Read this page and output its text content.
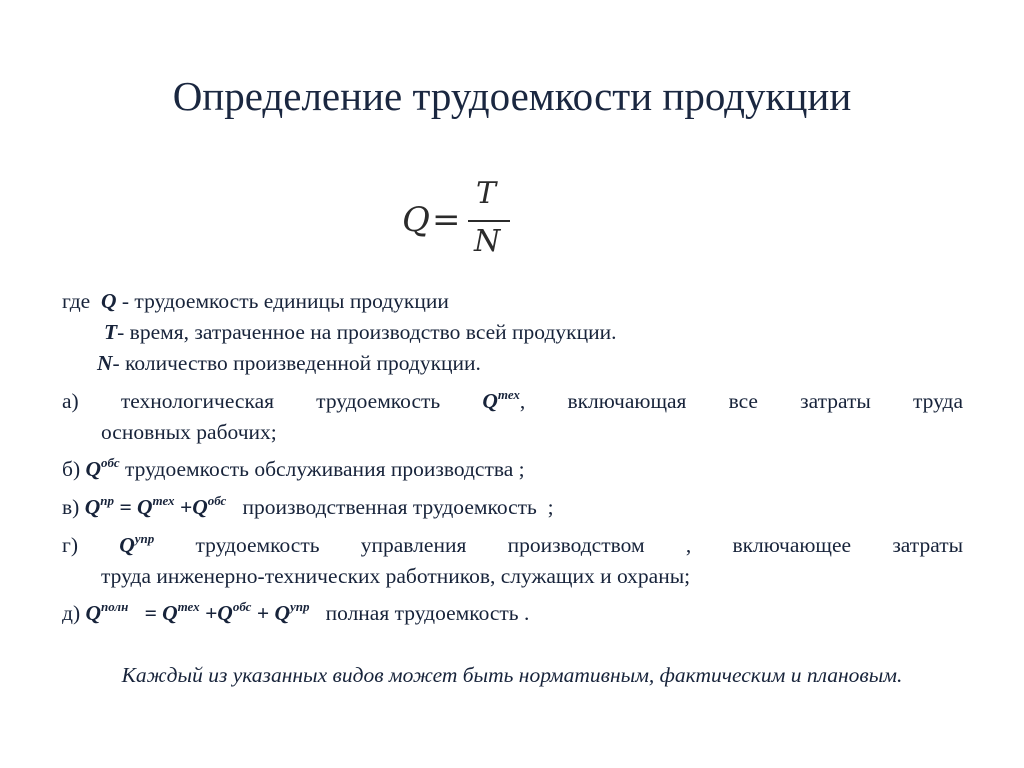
Определение трудоемкости продукции
Q =
T
N
где Q - трудоемкость единицы продукции
T- время, затраченное на производство всей продукции.
N- количество произведенной продукции.
а) технологическая трудоемкость $Q^{тех}$, включающая все затраты труда
основных рабочих;
б) $Q^{обс}$ трудоемкость обслуживания производства ;
в) $Q^{пр} = Q^{тех} +Q^{обс}$ производственная трудоемкость  ;
г) $Q^{упр}$ трудоемкость управления производством , включающее затраты
труда инженерно-технических работников, служащих и охраны;
д) $Q^{полн} = Q^{тех} +Q^{обс} + Q^{упр}$ полная трудоемкость .
Каждый из указанных видов может быть нормативным, фактическим и плановым.
